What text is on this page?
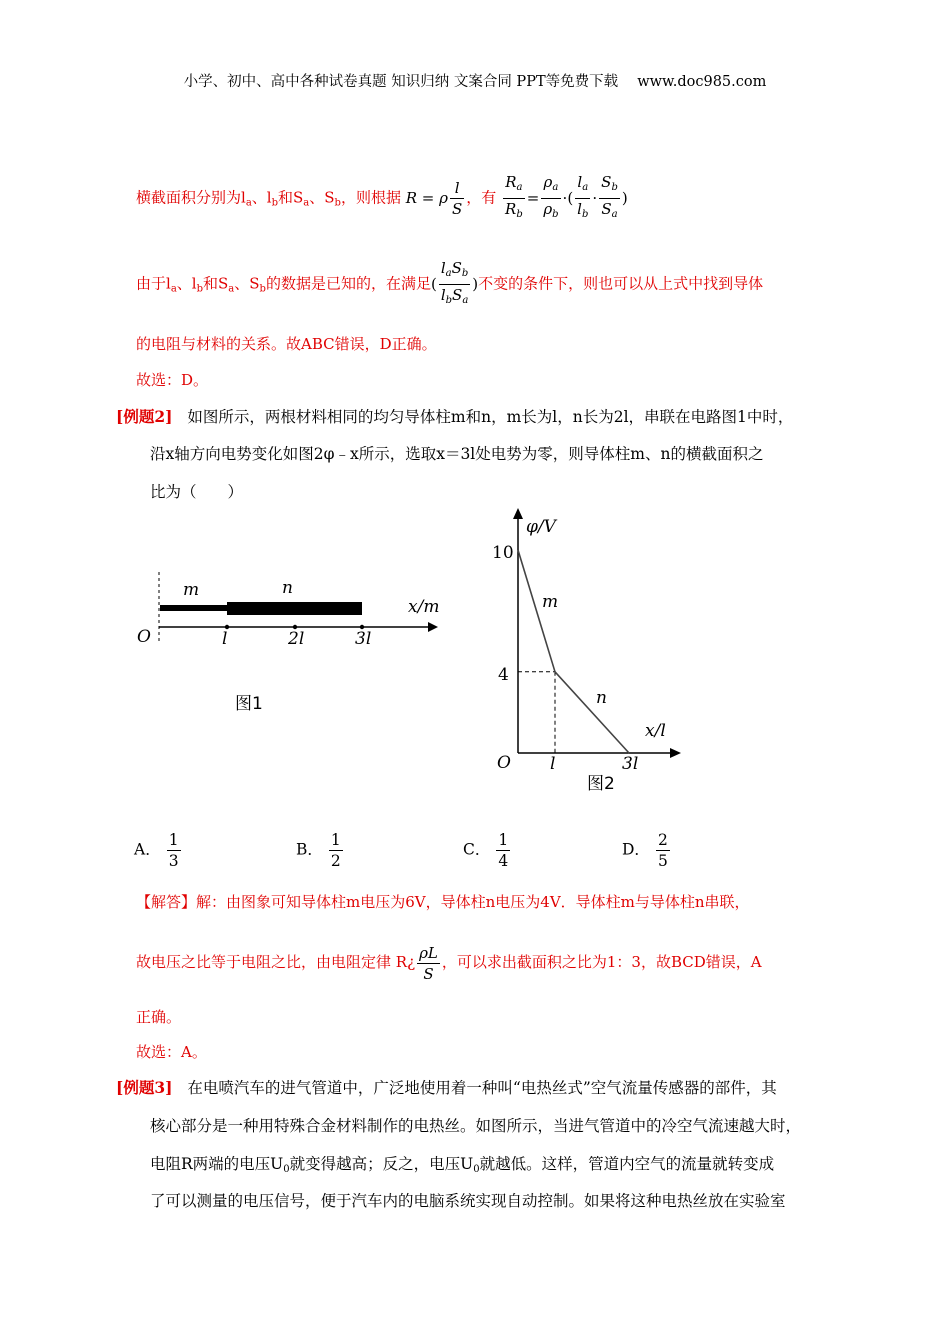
小学、初中、高中各种试卷真题 知识归纳 文案合同 PPT等免费下载　 www.doc985.com
横截面积分别为$l_a$、$l_b$和$S_a$、$S_b$，则根据 R = ρ $\frac{l}{S}$ ，有 $\frac{R_a}{R_b} = \frac{\rho_a}{\rho_b}$ ·( $\frac{l_a}{l_b} \cdot \frac{S_b}{S_a}$ )
由于$l_a$、$l_b$和$S_a$、$S_b$的数据是已知的，在满足( $\frac{l_aS_b}{l_bS_a}$ )不变的条件下，则也可以从上式中找到导体
的电阻与材料的关系。故ABC错误，D正确。
故选：D。
[例题2] 如图所示，两根材料相同的均匀导体柱m和n，m长为l，n长为2l，串联在电路图1中时，
沿x轴方向电势变化如图2φ﹣x所示，选取x＝3l处电势为零，则导体柱m、n的横截面积之
比为（　　）
m	n
x/m
O	l	2l	3l
图1
φ/V
10
4
m
n
x/l
O l	3l
图2
A． $\frac{1}{3}$	B． $\frac{1}{2}$	C． $\frac{1}{4}$	D． $\frac{2}{5}$
【解答】解：由图象可知导体柱m电压为6V，导体柱n电压为4V．导体柱m与导体柱n串联，
故电压之比等于电阻之比，由电阻定律 R¿ $\frac{\rho L}{S}$ ，可以求出截面积之比为1：3，故BCD错误，A
正确。
故选：A。
[例题3] 在电喷汽车的进气管道中，广泛地使用着一种叫“电热丝式”空气流量传感器的部件，其
核心部分是一种用特殊合金材料制作的电热丝。如图所示，当进气管道中的冷空气流速越大时，
电阻R两端的电压$U_0$就变得越高；反之，电压$U_0$就越低。这样，管道内空气的流量就转变成
了可以测量的电压信号，便于汽车内的电脑系统实现自动控制。如果将这种电热丝放在实验室
